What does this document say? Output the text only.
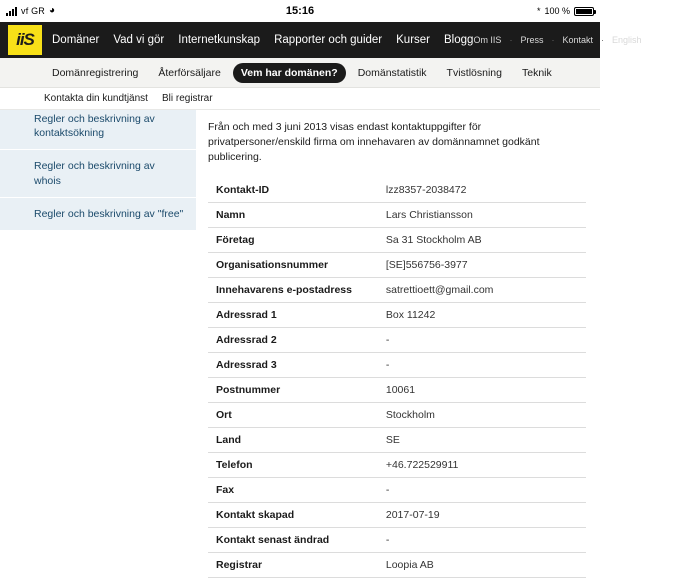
vf GR ◕	15:16	* 100 %
iiS	Domäner Vad vi gör Internetkunskap Rapporter och guider Kurser Blogg Om IIS · Press · Kontakt · English
Domänregistrering	Återförsäljare	Vem har domänen?	Domänstatistik	Tvistlösning	Teknik
Kontakta din kundtjänst Bli registrar
Regler och beskrivning av kontaktsökning
Regler och beskrivning av whois
Regler och beskrivning av "free"

Från och med 3 juni 2013 visas endast kontaktuppgifter för privatpersoner/enskild firma om innehavaren av domännamnet godkänt publicering.

Kontakt-ID	lzz8357-2038472
Namn	Lars Christiansson
Företag	Sa 31 Stockholm AB
Organisationsnummer	[SE]556756-3977
Innehavarens e-postadress	satrettioett@gmail.com
Adressrad 1	Box 11242
Adressrad 2	-
Adressrad 3	-
Postnummer	10061
Ort	Stockholm
Land	SE
Telefon	+46.722529911
Fax	-
Kontakt skapad	2017-07-19
Kontakt senast ändrad	-
Registrar	Loopia AB
